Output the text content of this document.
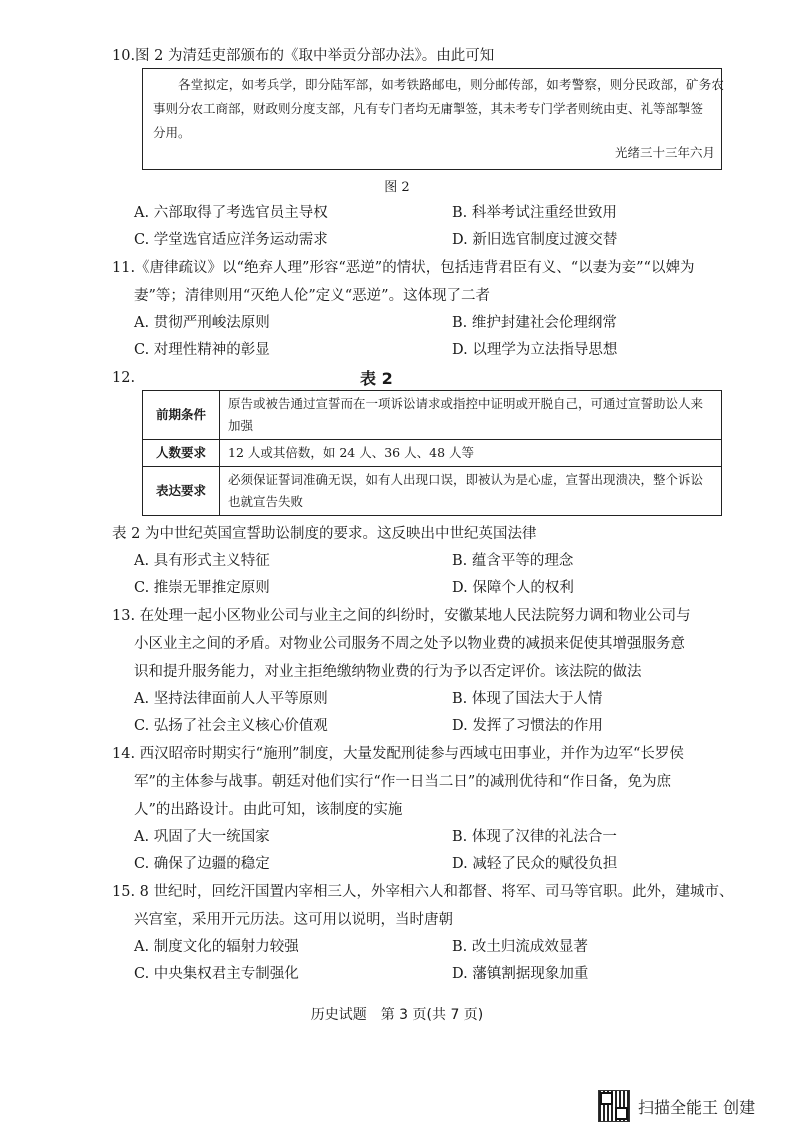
10.图 2 为清廷吏部颁布的《取中举贡分部办法》。由此可知
各堂拟定，如考兵学，即分陆军部，如考铁路邮电，则分邮传部，如考警察，则分民政部，矿务农
事则分农工商部，财政则分度支部，凡有专门者均无庸掣签，其未考专门学者则统由吏、礼等部掣签
分用。
光绪三十三年六月
图 2
A. 六部取得了考选官员主导权	B. 科举考试注重经世致用
C. 学堂选官适应洋务运动需求	D. 新旧选官制度过渡交替
11.《唐律疏议》以“绝弃人理”形容“恶逆”的情状，包括违背君臣有义、“以妻为妾”“以婢为
妻”等；清律则用“灭绝人伦”定义“恶逆”。这体现了二者
A. 贯彻严刑峻法原则	B. 维护封建社会伦理纲常
C. 对理性精神的彰显	D. 以理学为立法指导思想
12.	表 2
前期条件	原告或被告通过宣誓而在一项诉讼请求或指控中证明或开脱自己，可通过宣誓助讼人来加强
人数要求	12 人或其倍数，如 24 人、36 人、48 人等
表达要求	必须保证誓词准确无误，如有人出现口误，即被认为是心虚，宣誓出现溃决，整个诉讼也就宣告失败
表 2 为中世纪英国宣誓助讼制度的要求。这反映出中世纪英国法律
A. 具有形式主义特征	B. 蕴含平等的理念
C. 推崇无罪推定原则	D. 保障个人的权利
13. 在处理一起小区物业公司与业主之间的纠纷时，安徽某地人民法院努力调和物业公司与
小区业主之间的矛盾。对物业公司服务不周之处予以物业费的减损来促使其增强服务意
识和提升服务能力，对业主拒绝缴纳物业费的行为予以否定评价。该法院的做法
A. 坚持法律面前人人平等原则	B. 体现了国法大于人情
C. 弘扬了社会主义核心价值观	D. 发挥了习惯法的作用
14. 西汉昭帝时期实行“施刑”制度，大量发配刑徒参与西域屯田事业，并作为边军“长罗侯
军”的主体参与战事。朝廷对他们实行“作一日当二日”的减刑优待和“作日备，免为庶
人”的出路设计。由此可知，该制度的实施
A. 巩固了大一统国家	B. 体现了汉律的礼法合一
C. 确保了边疆的稳定	D. 减轻了民众的赋役负担
15. 8 世纪时，回纥汗国置内宰相三人，外宰相六人和都督、将军、司马等官职。此外，建城市、
兴宫室，采用开元历法。这可用以说明，当时唐朝
A. 制度文化的辐射力较强	B. 改土归流成效显著
C. 中央集权君主专制强化	D. 藩镇割据现象加重
历史试题　第 3 页(共 7 页)
扫描全能王 创建
